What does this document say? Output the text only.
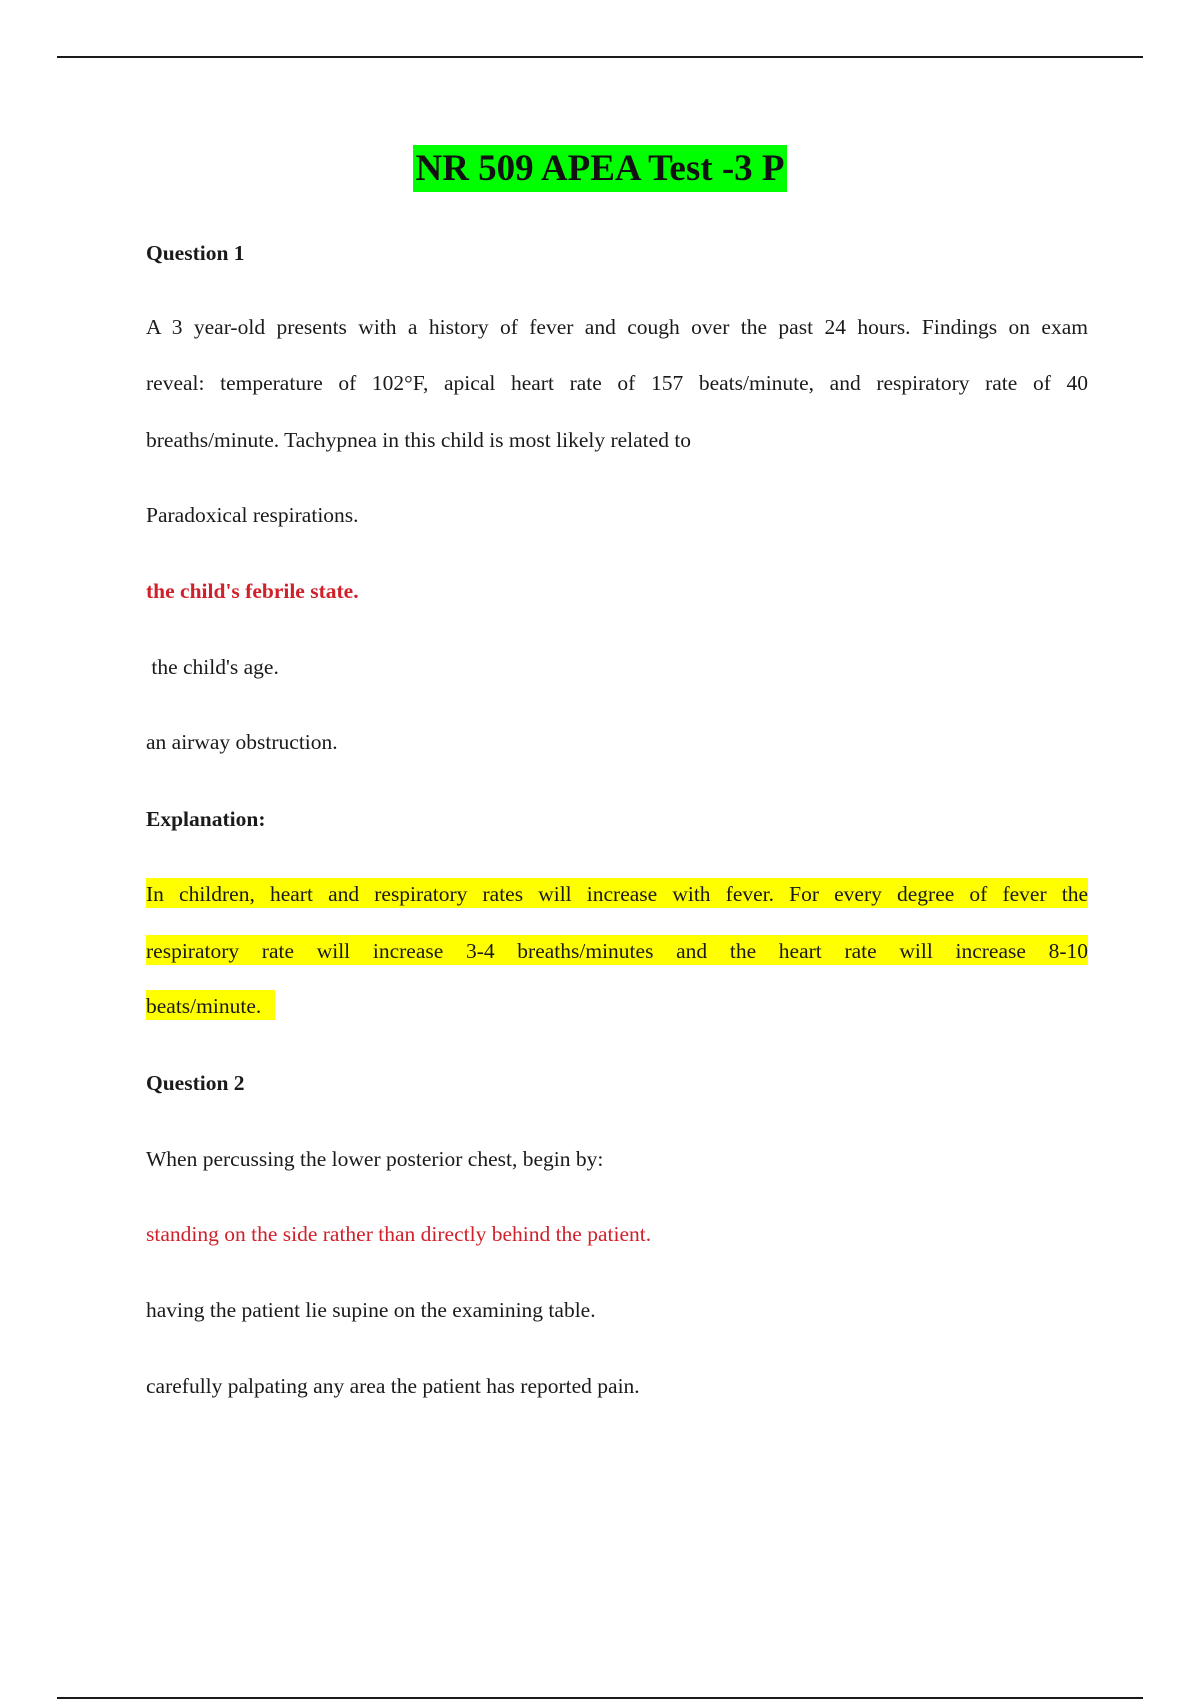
NR 509 APEA Test -3 P
Question 1
A 3 year-old presents with a history of fever and cough over the past 24 hours. Findings on exam
reveal: temperature of 102°F, apical heart rate of 157 beats/minute, and respiratory rate of 40
breaths/minute. Tachypnea in this child is most likely related to
Paradoxical respirations.
the child's febrile state.
the child's age.
an airway obstruction.
Explanation:
In children, heart and respiratory rates will increase with fever. For every degree of fever the
respiratory rate will increase 3-4 breaths/minutes and the heart rate will increase 8-10
beats/minute.
Question 2
When percussing the lower posterior chest, begin by:
standing on the side rather than directly behind the patient.
having the patient lie supine on the examining table.
carefully palpating any area the patient has reported pain.
